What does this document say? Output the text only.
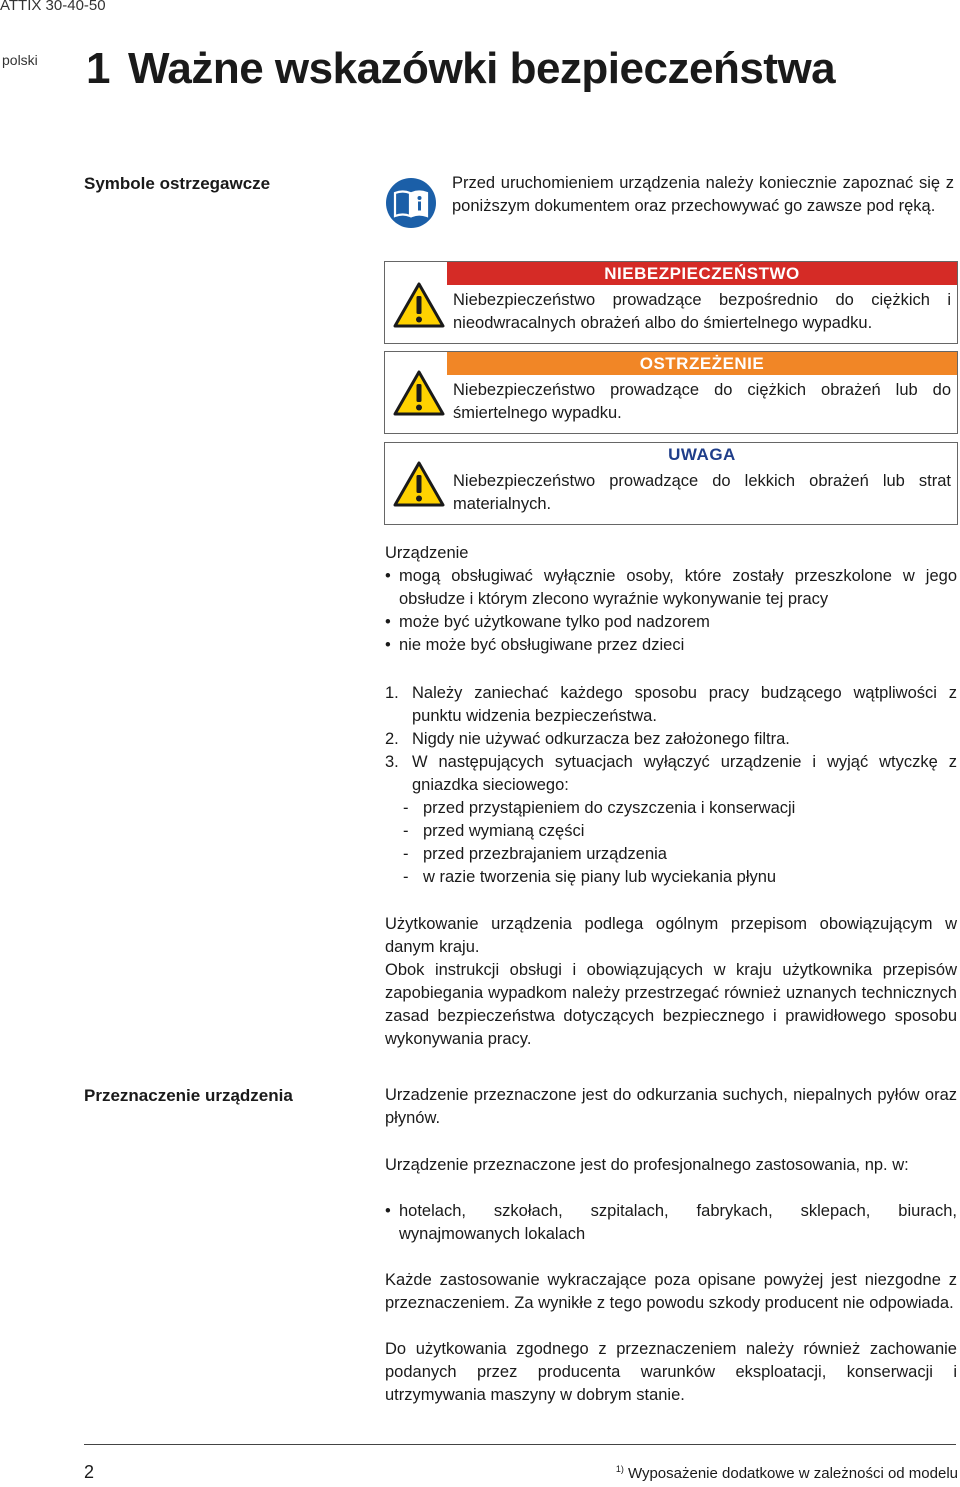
ATTIX 30-40-50
polski 1 Ważne wskazówki bezpieczeństwa
Symbole ostrzegawcze	Przed uruchomieniem urządzenia należy koniecznie zapoznać się z poniższym dokumentem oraz przechowywać go zawsze pod ręką.
NIEBEZPIECZEŃSTWO
Niebezpieczeństwo prowadzące bezpośrednio do ciężkich i nieodwracalnych obrażeń albo do śmiertelnego wypadku.
OSTRZEŻENIE
Niebezpieczeństwo prowadzące do ciężkich obrażeń lub do śmiertelnego wypadku.
UWAGA
Niebezpieczeństwo prowadzące do lekkich obrażeń lub strat materialnych.
Urządzenie
• mogą obsługiwać wyłącznie osoby, które zostały przeszkolone w jego obsłudze i którym zlecono wyraźnie wykonywanie tej pracy
• może być użytkowane tylko pod nadzorem
• nie może być obsługiwane przez dzieci
1. Należy zaniechać każdego sposobu pracy budzącego wątpliwości z punktu widzenia bezpieczeństwa.
2. Nigdy nie używać odkurzacza bez założonego filtra.
3. W następujących sytuacjach wyłączyć urządzenie i wyjąć wtyczkę z gniazdka sieciowego:
- przed przystąpieniem do czyszczenia i konserwacji
- przed wymianą części
- przed przezbrajaniem urządzenia
- w razie tworzenia się piany lub wyciekania płynu
Użytkowanie urządzenia podlega ogólnym przepisom obowiązującym w danym kraju.
Obok instrukcji obsługi i obowiązujących w kraju użytkownika przepisów zapobiegania wypadkom należy przestrzegać również uznanych technicznych zasad bezpieczeństwa dotyczących bezpiecznego i prawidłowego sposobu wykonywania pracy.
Przeznaczenie urządzenia	Urzadzenie przeznaczone jest do odkurzania suchych, niepalnych pyłów oraz płynów.
Urządzenie przeznaczone jest do profesjonalnego zastosowania, np. w:
• hotelach, szkołach, szpitalach, fabrykach, sklepach, biurach, wynajmowanych lokalach
Każde zastosowanie wykraczające poza opisane powyżej jest niezgodne z przeznaczeniem. Za wynikłe z tego powodu szkody producent nie odpowiada.
Do użytkowania zgodnego z przeznaczeniem należy również zachowanie podanych przez producenta warunków eksploatacji, konserwacji i utrzymywania maszyny w dobrym stanie.
2	$^{1)}$ Wyposażenie dodatkowe w zależności od modelu
